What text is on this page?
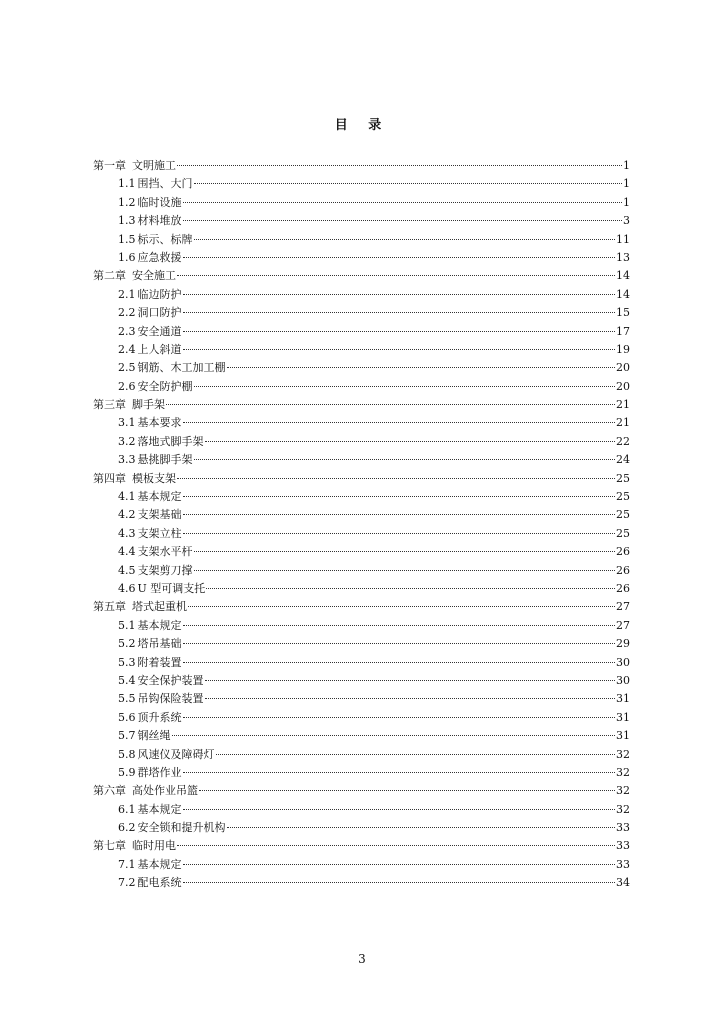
目 录
第一章 文明施工	1
1.1 围挡、大门	1
1.2 临时设施	1
1.3 材料堆放	3
1.5 标示、标牌	11
1.6 应急救援	13
第二章 安全施工	14
2.1 临边防护	14
2.2 洞口防护	15
2.3 安全通道	17
2.4 上人斜道	19
2.5 钢筋、木工加工棚	20
2.6 安全防护棚	20
第三章 脚手架	21
3.1 基本要求	21
3.2 落地式脚手架	22
3.3 悬挑脚手架	24
第四章 模板支架	25
4.1 基本规定	25
4.2 支架基础	25
4.3 支架立柱	25
4.4 支架水平杆	26
4.5 支架剪刀撑	26
4.6 U 型可调支托	26
第五章 塔式起重机	27
5.1 基本规定	27
5.2 塔吊基础	29
5.3 附着装置	30
5.4 安全保护装置	30
5.5 吊钩保险装置	31
5.6 顶升系统	31
5.7 钢丝绳	31
5.8 风速仪及障碍灯	32
5.9 群塔作业	32
第六章 高处作业吊篮	32
6.1 基本规定	32
6.2 安全锁和提升机构	33
第七章 临时用电	33
7.1 基本规定	33
7.2 配电系统	34
3
